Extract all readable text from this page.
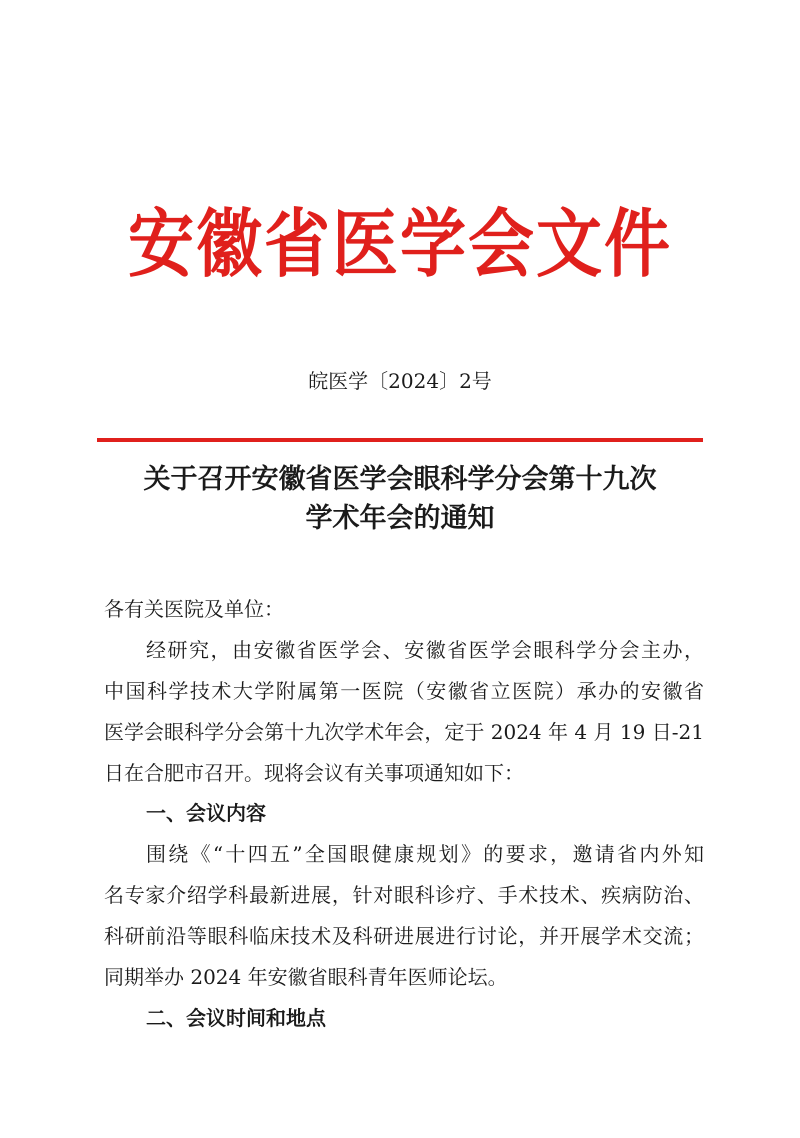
安徽省医学会文件
皖医学〔2024〕2号
关于召开安徽省医学会眼科学分会第十九次
学术年会的通知
各有关医院及单位：
经研究，由安徽省医学会、安徽省医学会眼科学分会主办，
中国科学技术大学附属第一医院（安徽省立医院）承办的安徽省
医学会眼科学分会第十九次学术年会，定于 2024 年 4 月 19 日-21
日在合肥市召开。现将会议有关事项通知如下：
一、会议内容
围绕《“十四五”全国眼健康规划》的要求，邀请省内外知
名专家介绍学科最新进展，针对眼科诊疗、手术技术、疾病防治、
科研前沿等眼科临床技术及科研进展进行讨论，并开展学术交流；
同期举办 2024 年安徽省眼科青年医师论坛。
二、会议时间和地点
